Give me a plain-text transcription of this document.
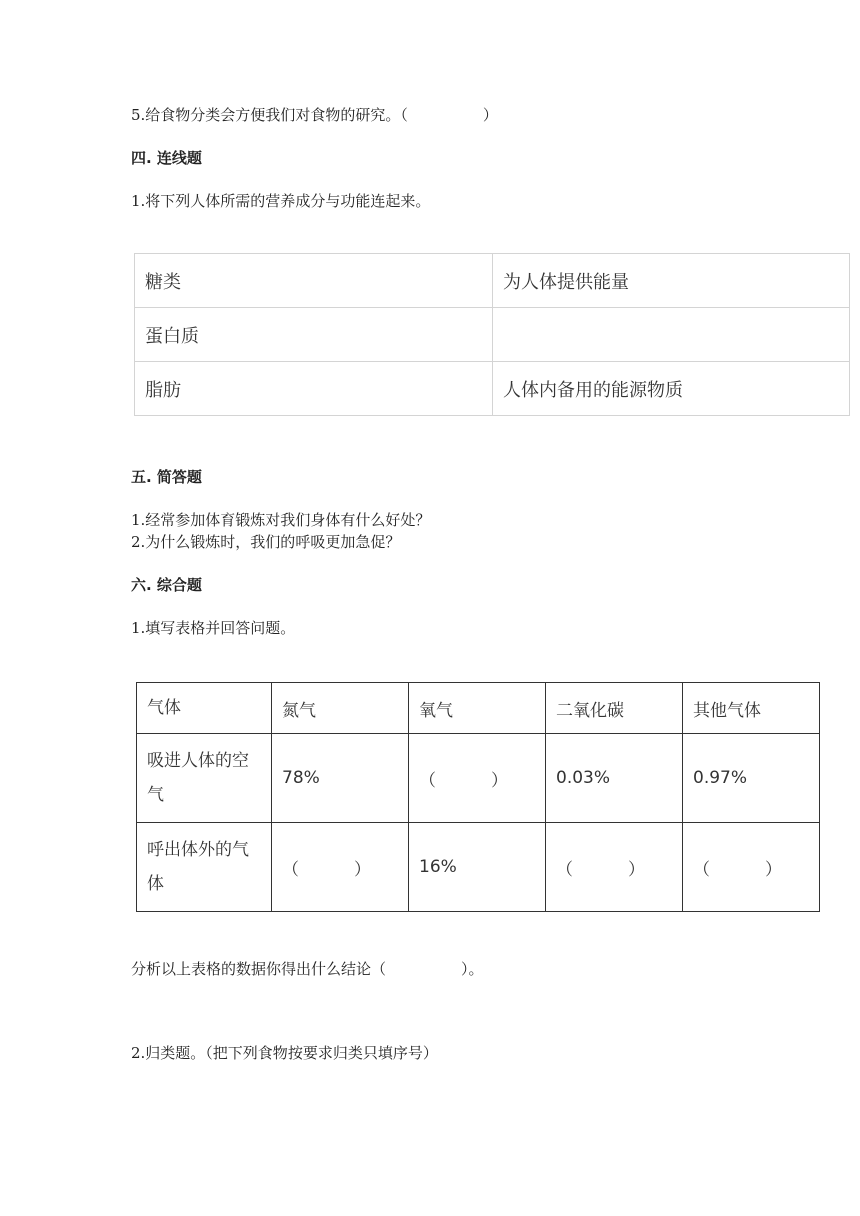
5.给食物分类会方便我们对食物的研究。（　　　　　）
四. 连线题
1.将下列人体所需的营养成分与功能连起来。
糖类	为人体提供能量
蛋白质	
脂肪	人体内备用的能源物质
五. 简答题
1.经常参加体育锻炼对我们身体有什么好处？
2.为什么锻炼时，我们的呼吸更加急促？
六. 综合题
1.填写表格并回答问题。
气体	氮气	氧气	二氧化碳	其他气体
吸进人体的空气	78%	（　　　）	0.03%	0.97%
呼出体外的气体	（　　　）	16%	（　　　）	（　　　）
分析以上表格的数据你得出什么结论（　　　　　）。
2.归类题。（把下列食物按要求归类只填序号）
